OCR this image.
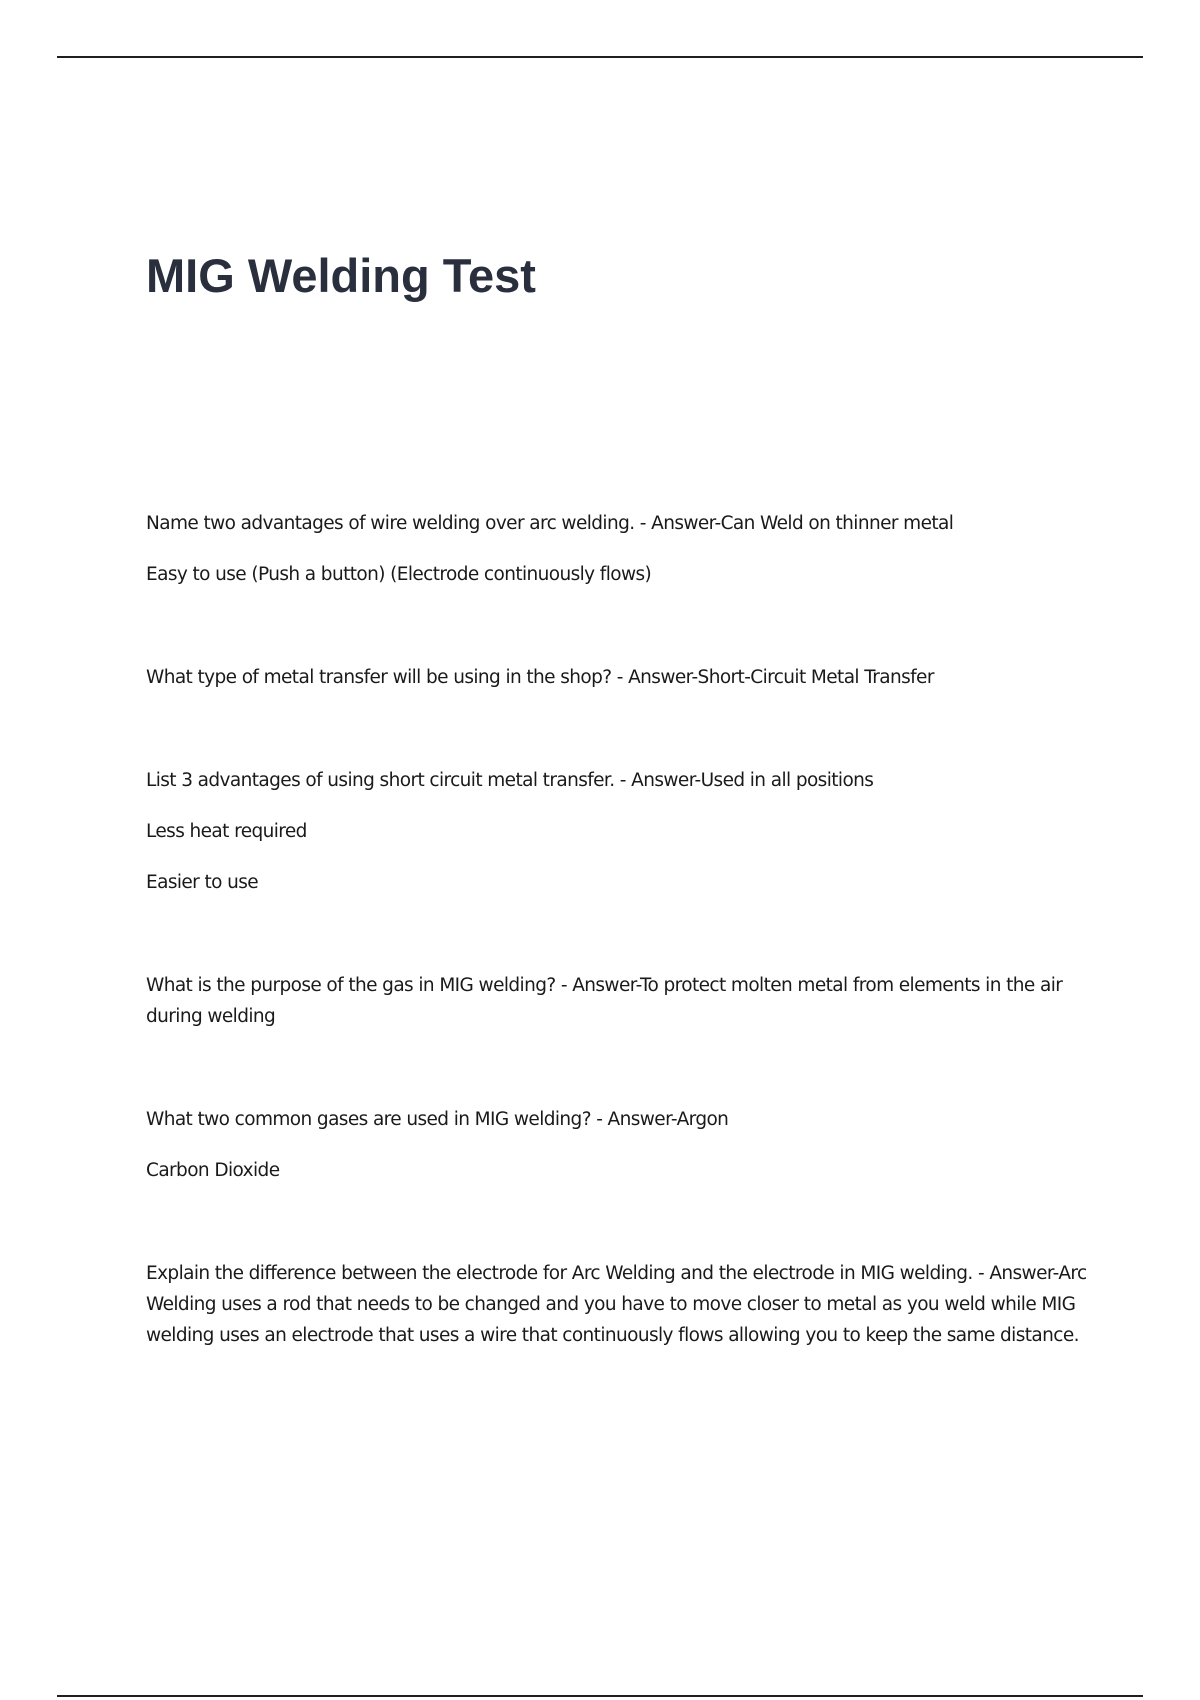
MIG Welding Test

Name two advantages of wire welding over arc welding. - Answer-Can Weld on thinner metal

Easy to use (Push a button) (Electrode continuously flows)

What type of metal transfer will be using in the shop? - Answer-Short-Circuit Metal Transfer

List 3 advantages of using short circuit metal transfer. - Answer-Used in all positions

Less heat required

Easier to use

What is the purpose of the gas in MIG welding? - Answer-To protect molten metal from elements in the air during welding

What two common gases are used in MIG welding? - Answer-Argon

Carbon Dioxide

Explain the difference between the electrode for Arc Welding and the electrode in MIG welding. - Answer-Arc Welding uses a rod that needs to be changed and you have to move closer to metal as you weld while MIG welding uses an electrode that uses a wire that continuously flows allowing you to keep the same distance.
